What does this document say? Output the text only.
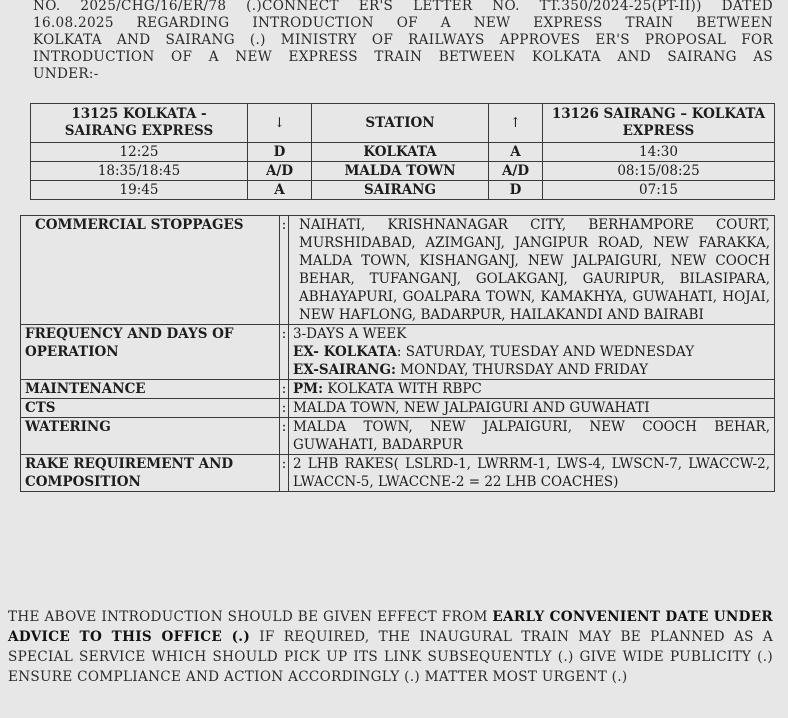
NO. 2025/CHG/16/ER/78 (.)CONNECT ER'S LETTER NO. TT.350/2024-25(PT-II)) DATED
16.08.2025 REGARDING INTRODUCTION OF A NEW EXPRESS TRAIN BETWEEN
KOLKATA AND SAIRANG (.) MINISTRY OF RAILWAYS APPROVES ER'S PROPOSAL FOR
INTRODUCTION OF A NEW EXPRESS TRAIN BETWEEN KOLKATA AND SAIRANG AS
UNDER:-
13125 KOLKATA - SAIRANG EXPRESS	↓	STATION	↑	13126 SAIRANG – KOLKATA EXPRESS
12:25	D	KOLKATA	A	14:30
18:35/18:45	A/D	MALDA TOWN	A/D	08:15/08:25
19:45	A	SAIRANG	D	07:15
COMMERCIAL STOPPAGES	:	NAIHATI, KRISHNANAGAR CITY, BERHAMPORE COURT, MURSHIDABAD, AZIMGANJ, JANGIPUR ROAD, NEW FARAKKA, MALDA TOWN, KISHANGANJ, NEW JALPAIGURI, NEW COOCH BEHAR, TUFANGANJ, GOLAKGANJ, GAURIPUR, BILASIPARA, ABHAYAPURI, GOALPARA TOWN, KAMAKHYA, GUWAHATI, HOJAI, NEW HAFLONG, BADARPUR, HAILAKANDI AND BAIRABI
FREQUENCY AND DAYS OF OPERATION	:	3-DAYS A WEEK
EX- KOLKATA: SATURDAY, TUESDAY AND WEDNESDAY
EX-SAIRANG: MONDAY, THURSDAY AND FRIDAY

MAINTENANCE	:	PM: KOLKATA WITH RBPC
CTS	:	MALDA TOWN, NEW JALPAIGURI AND GUWAHATI
WATERING	:	MALDA TOWN, NEW JALPAIGURI, NEW COOCH BEHAR, GUWAHATI, BADARPUR
RAKE REQUIREMENT AND COMPOSITION	:	2 LHB RAKES( LSLRD-1, LWRRM-1, LWS-4, LWSCN-7, LWACCW-2, LWACCN-5, LWACCNE-2 = 22 LHB COACHES)
THE ABOVE INTRODUCTION SHOULD BE GIVEN EFFECT FROM EARLY CONVENIENT DATE UNDER ADVICE TO THIS OFFICE (.) IF REQUIRED, THE INAUGURAL TRAIN MAY BE PLANNED AS A SPECIAL SERVICE WHICH SHOULD PICK UP ITS LINK SUBSEQUENTLY (.) GIVE WIDE PUBLICITY (.) ENSURE COMPLIANCE AND ACTION ACCORDINGLY (.) MATTER MOST URGENT (.)
